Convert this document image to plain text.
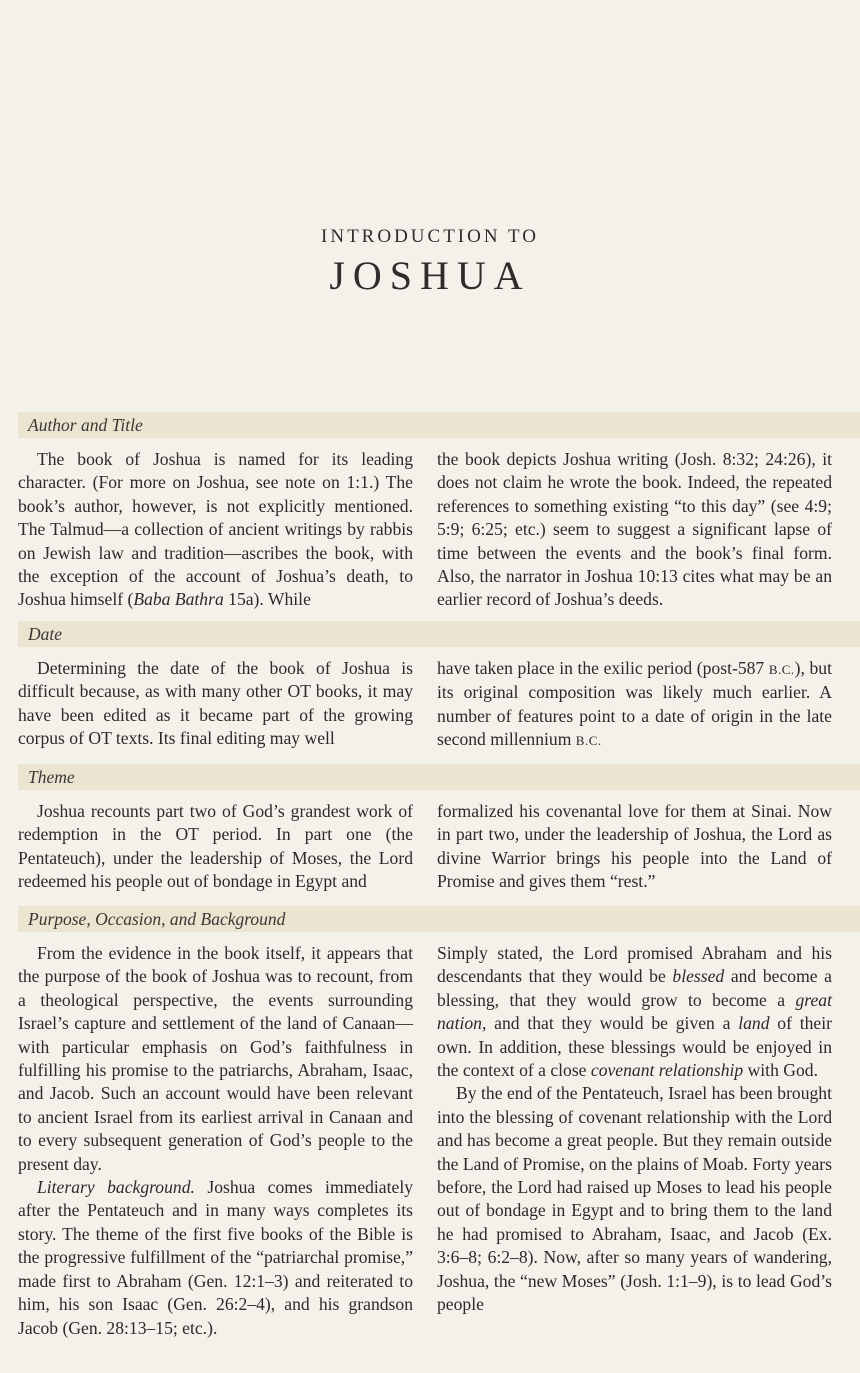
INTRODUCTION TO
JOSHUA
Author and Title

The book of Joshua is named for its leading character. (For more on Joshua, see note on 1:1.) The book’s author, however, is not explicitly mentioned. The Talmud—a collection of ancient writings by rabbis on Jewish law and tradition—ascribes the book, with the exception of the account of Joshua’s death, to Joshua himself (Baba Bathra 15a). While

the book depicts Joshua writing (Josh. 8:32; 24:26), it does not claim he wrote the book. Indeed, the repeated references to something existing “to this day” (see 4:9; 5:9; 6:25; etc.) seem to suggest a significant lapse of time between the events and the book’s final form. Also, the narrator in Joshua 10:13 cites what may be an earlier record of Joshua’s deeds.

Date

Determining the date of the book of Joshua is difficult because, as with many other OT books, it may have been edited as it became part of the growing corpus of OT texts. Its final editing may well

have taken place in the exilic period (post-587 B.C.), but its original composition was likely much earlier. A number of features point to a date of origin in the late second millennium B.C.

Theme

Joshua recounts part two of God’s grandest work of redemption in the OT period. In part one (the Pentateuch), under the leadership of Moses, the Lord redeemed his people out of bondage in Egypt and

formalized his covenantal love for them at Sinai. Now in part two, under the leadership of Joshua, the Lord as divine Warrior brings his people into the Land of Promise and gives them “rest.”

Purpose, Occasion, and Background

From the evidence in the book itself, it appears that the purpose of the book of Joshua was to recount, from a theological perspective, the events surrounding Israel’s capture and settlement of the land of Canaan—with particular emphasis on God’s faithfulness in fulfilling his promise to the patriarchs, Abraham, Isaac, and Jacob. Such an account would have been relevant to ancient Israel from its earliest arrival in Canaan and to every subsequent generation of God’s people to the present day.

Literary background. Joshua comes immediately after the Pentateuch and in many ways completes its story. The theme of the first five books of the Bible is the progressive fulfillment of the “patriarchal promise,” made first to Abraham (Gen. 12:1–3) and reiterated to him, his son Isaac (Gen. 26:2–4), and his grandson Jacob (Gen. 28:13–15; etc.).

Simply stated, the Lord promised Abraham and his descendants that they would be blessed and become a blessing, that they would grow to become a great nation, and that they would be given a land of their own. In addition, these blessings would be enjoyed in the context of a close covenant relationship with God.

By the end of the Pentateuch, Israel has been brought into the blessing of covenant relationship with the Lord and has become a great people. But they remain outside the Land of Promise, on the plains of Moab. Forty years before, the Lord had raised up Moses to lead his people out of bondage in Egypt and to bring them to the land he had promised to Abraham, Isaac, and Jacob (Ex. 3:6–8; 6:2–8). Now, after so many years of wandering, Joshua, the “new Moses” (Josh. 1:1–9), is to lead God’s people
